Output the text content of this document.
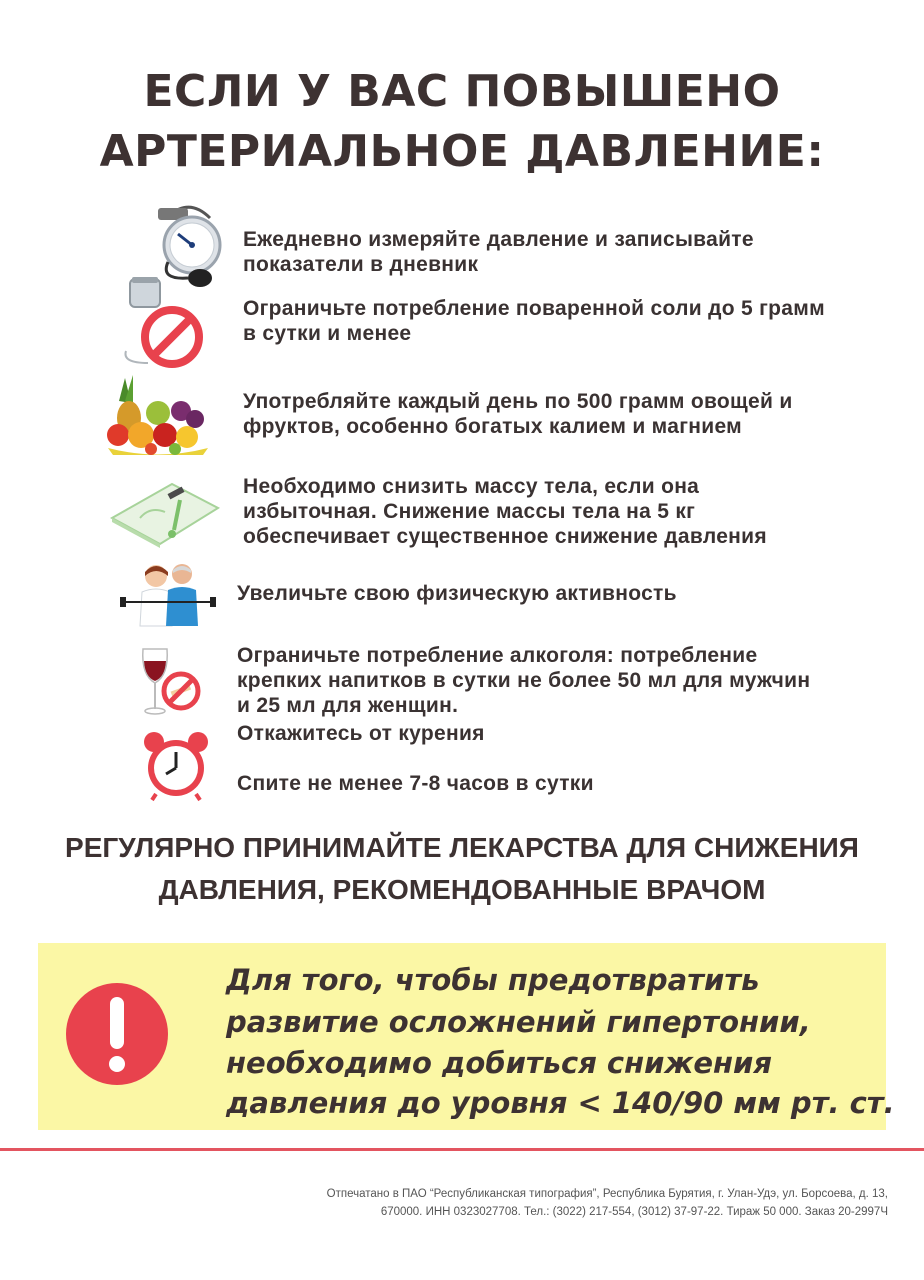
ЕСЛИ У ВАС ПОВЫШЕНО
АРТЕРИАЛЬНОЕ ДАВЛЕНИЕ:
Ежедневно измеряйте давление и записывайте
показатели в дневник
Ограничьте потребление поваренной соли до 5 грамм
в сутки и менее
Употребляйте каждый день по 500 грамм овощей и
фруктов, особенно богатых калием и магнием
Необходимо снизить массу тела, если она
избыточная. Снижение массы тела на 5 кг
обеспечивает существенное снижение давления
Увеличьте свою физическую активность
Ограничьте потребление алкоголя: потребление
крепких напитков в сутки не более 50 мл для мужчин
и 25 мл для женщин.
Откажитесь от курения
Спите не менее 7-8 часов в сутки
РЕГУЛЯРНО ПРИНИМАЙТЕ ЛЕКАРСТВА ДЛЯ СНИЖЕНИЯ
ДАВЛЕНИЯ, РЕКОМЕНДОВАННЫЕ ВРАЧОМ
Для того, чтобы предотвратить
развитие осложнений гипертонии,
необходимо добиться снижения
давления до уровня < 140/90 мм рт. ст.
Отпечатано в ПАО “Республиканская типография”, Республика Бурятия, г. Улан-Удэ, ул. Борсоева, д. 13,
670000. ИНН 0323027708. Тел.: (3022) 217-554, (3012) 37-97-22. Тираж 50 000. Заказ 20-2997Ч
